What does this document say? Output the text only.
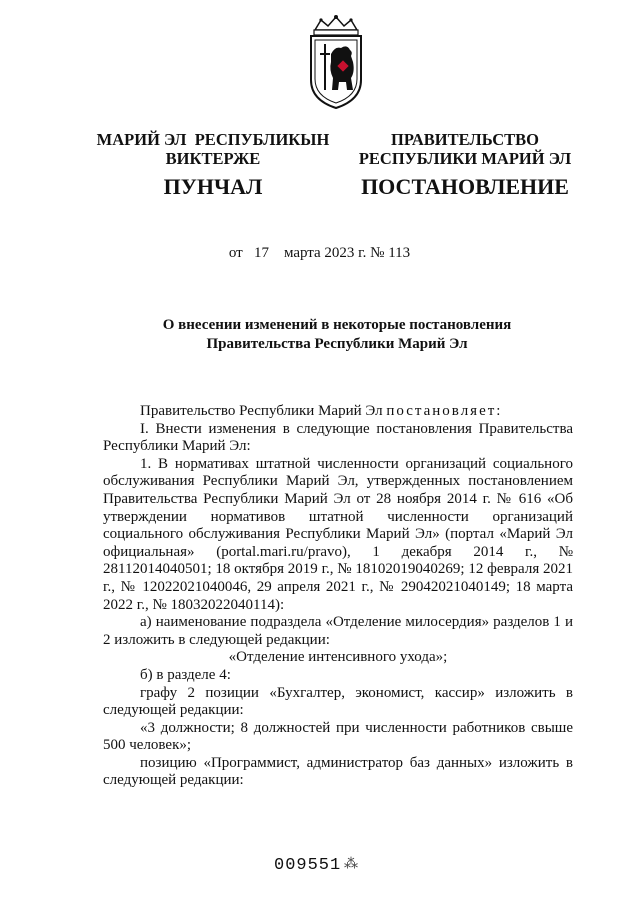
МАРИЙ ЭЛ  РЕСПУБЛИКЫН
ВИКТЕРЖЕ
ПУНЧАЛ
ПРАВИТЕЛЬСТВО
РЕСПУБЛИКИ МАРИЙ ЭЛ
ПОСТАНОВЛЕНИЕ
от 17 марта 2023 г. № 113
О внесении изменений в некоторые постановления
Правительства Республики Марий Эл

Правительство Республики Марий Эл постановляет:

I. Внести изменения в следующие постановления Правительства Республики Марий Эл:

1. В нормативах штатной численности организаций социального обслуживания Республики Марий Эл, утвержденных постановлением Правительства Республики Марий Эл от 28 ноября 2014 г. № 616 «Об утверждении нормативов штатной численности организаций социального обслуживания Республики Марий Эл» (портал «Марий Эл официальная» (portal.mari.ru/pravo), 1 декабря 2014 г., № 28112014040501; 18 октября 2019 г., № 18102019040269; 12 февраля 2021 г., № 12022021040046, 29 апреля 2021 г., № 29042021040149; 18 марта 2022 г., № 18032022040114):

а) наименование подраздела «Отделение милосердия» разделов 1 и 2 изложить в следующей редакции:

«Отделение интенсивного ухода»;

б) в разделе 4:

графу 2 позиции «Бухгалтер, экономист, кассир» изложить в следующей редакции:

«3 должности; 8 должностей при численности работников свыше 500 человек»;

позицию «Программист, администратор баз данных» изложить в следующей редакции:

009551 ⁂
